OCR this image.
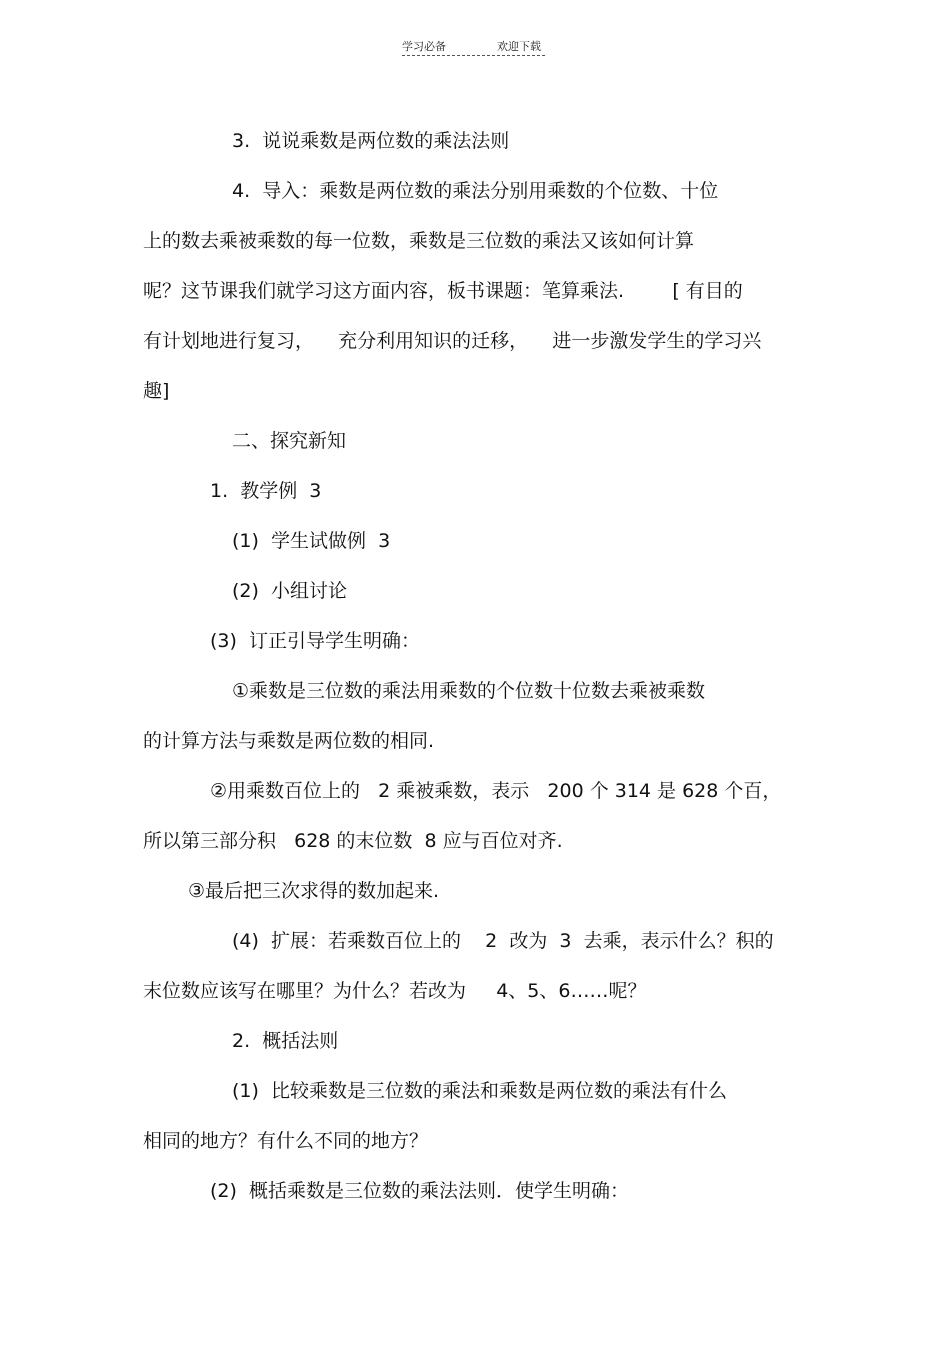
学习必备	欢迎下载
3.  说说乘数是两位数的乘法法则
4.  导入：乘数是两位数的乘法分别用乘数的个位数、十位
上的数去乘被乘数的每一位数，乘数是三位数的乘法又该如何计算
呢？这节课我们就学习这方面内容，板书课题：笔算乘法.        [ 有目的
有计划地进行复习，    充分利用知识的迁移，    进一步激发学生的学习兴
趣]
二、探究新知
1.  教学例  3
(1)  学生试做例  3
(2)  小组讨论
(3)  订正引导学生明确：
①乘数是三位数的乘法用乘数的个位数十位数去乘被乘数
的计算方法与乘数是两位数的相同.
②用乘数百位上的   2 乘被乘数，表示   200 个 314 是 628 个百，
所以第三部分积   628 的末位数  8 应与百位对齐.
③最后把三次求得的数加起来.
(4)  扩展：若乘数百位上的    2  改为  3  去乘，表示什么？积的
末位数应该写在哪里？为什么？若改为     4、5、6……呢？
2.  概括法则
(1)  比较乘数是三位数的乘法和乘数是两位数的乘法有什么
相同的地方？有什么不同的地方？
(2)  概括乘数是三位数的乘法法则．使学生明确：
